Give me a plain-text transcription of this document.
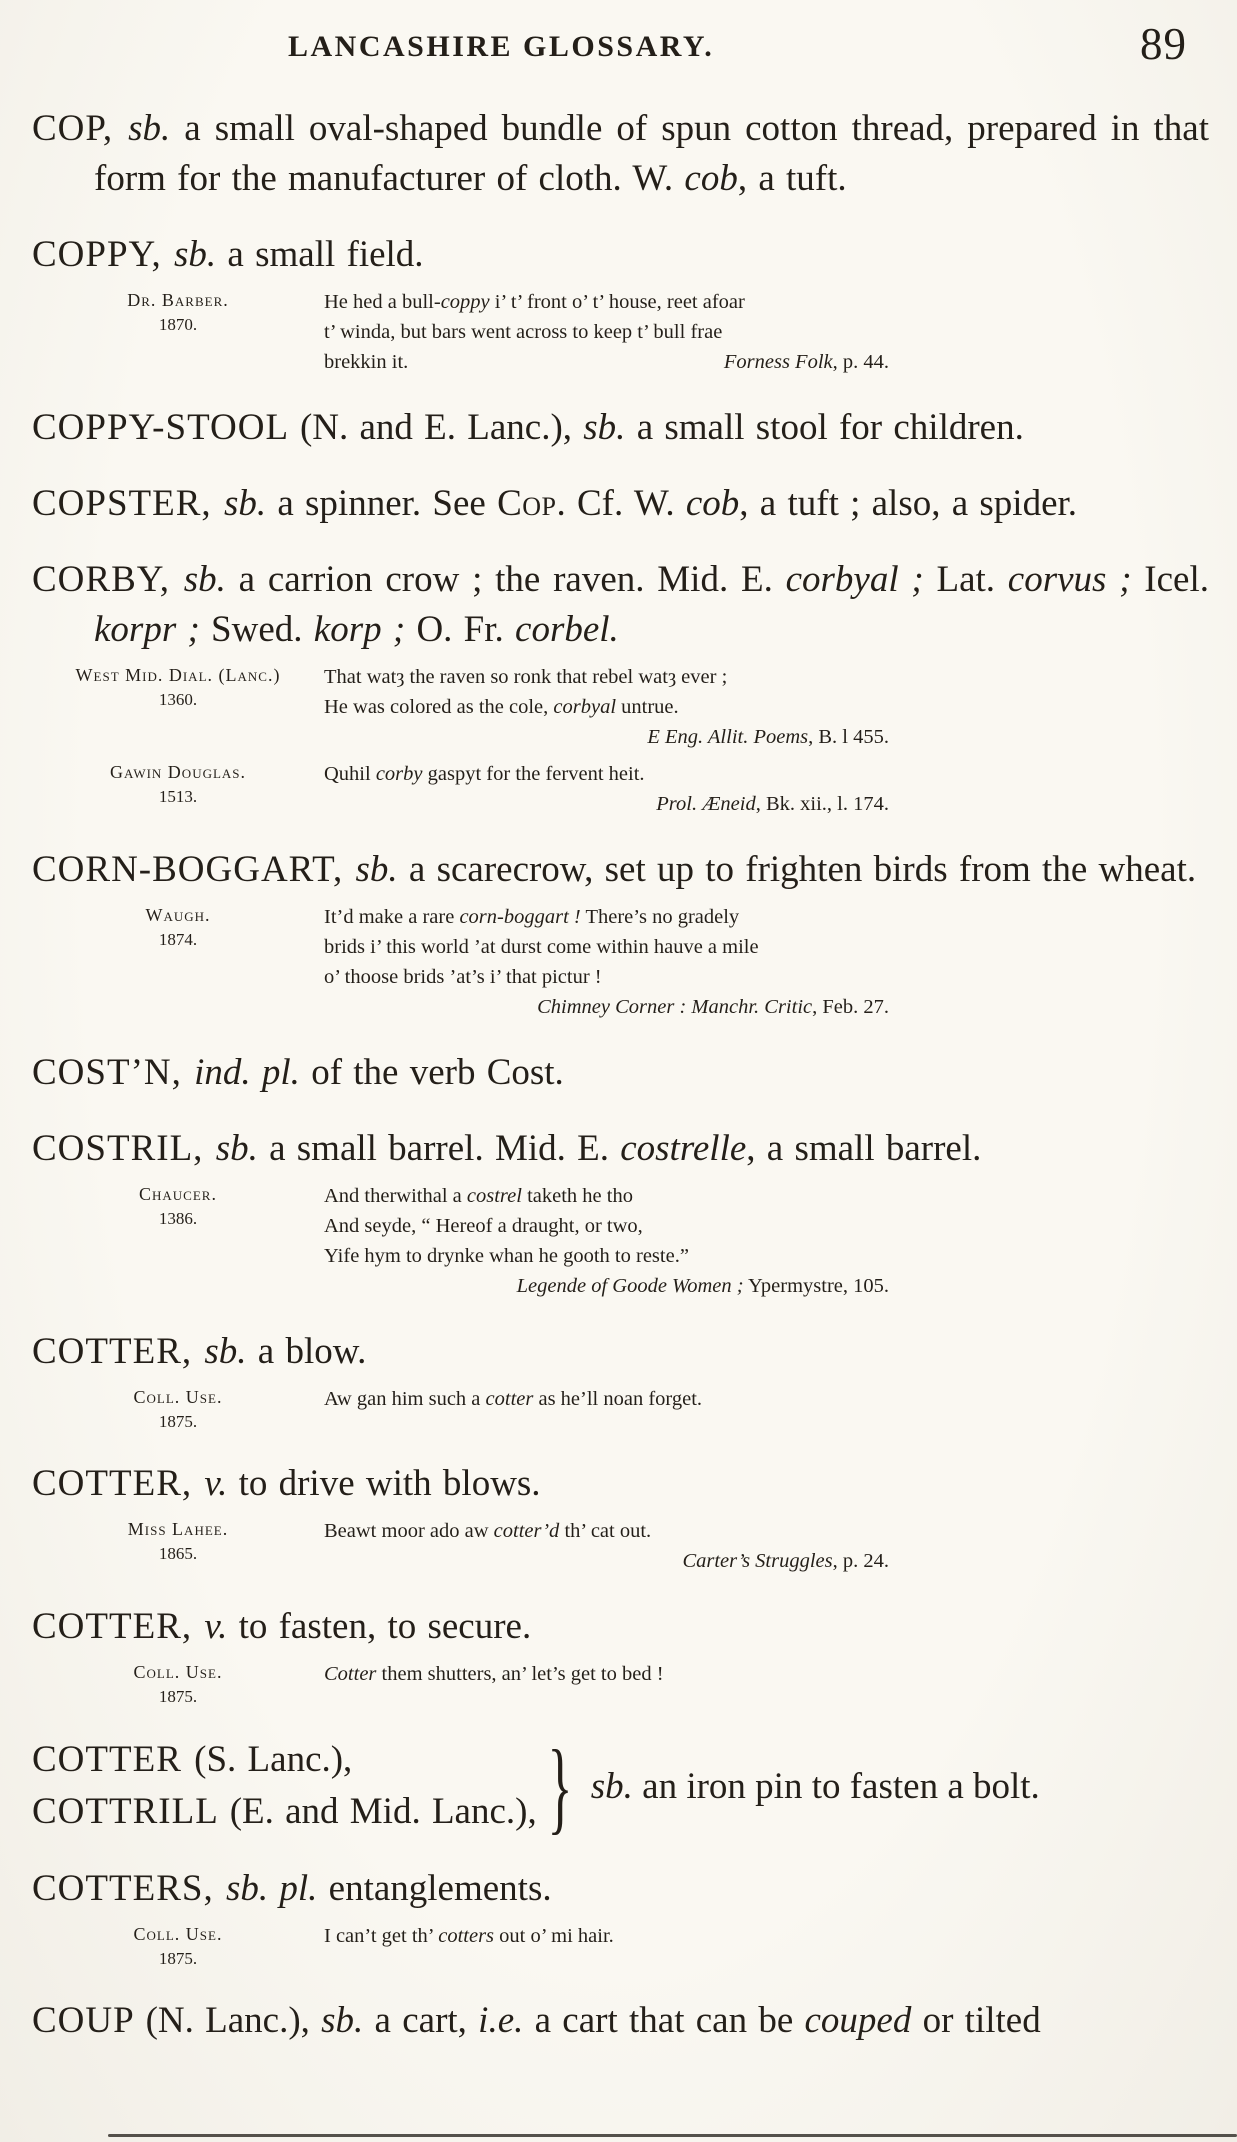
LANCASHIRE GLOSSARY.	89

COP, sb. a small oval-shaped bundle of spun cotton thread, prepared in that form for the manufacturer of cloth. W. cob, a tuft.

COPPY, sb. a small field.

Dr. Barber.
1870.
He hed a bull-coppy i’ t’ front o’ t’ house, reet afoar
t’ winda, but bars went across to keep t’ bull frae
brekkin it.	Forness Folk, p. 44.

COPPY-STOOL (N. and E. Lanc.), sb. a small stool for children.

COPSTER, sb. a spinner. See Cop. Cf. W. cob, a tuft ; also, a spider.

CORBY, sb. a carrion crow ; the raven. Mid. E. corbyal ; Lat. corvus ; Icel. korpr ; Swed. korp ; O. Fr. corbel.

West Mid. Dial. (Lanc.)
1360.
That watȝ the raven so ronk that rebel watȝ ever ;
He was colored as the cole, corbyal untrue.
E Eng. Allit. Poems, B. l 455.
Gawin Douglas.
1513.
Quhil corby gaspyt for the fervent heit.
Prol. Æneid, Bk. xii., l. 174.

CORN-BOGGART, sb. a scarecrow, set up to frighten birds from the wheat.

Waugh.
1874.
It’d make a rare corn-boggart ! There’s no gradely
brids i’ this world ’at durst come within hauve a mile
o’ thoose brids ’at’s i’ that pictur !
Chimney Corner : Manchr. Critic, Feb. 27.

COST’N, ind. pl. of the verb Cost.

COSTRIL, sb. a small barrel. Mid. E. costrelle, a small barrel.

Chaucer.
1386.
And therwithal a costrel taketh he tho
And seyde, “ Hereof a draught, or two,
Yife hym to drynke whan he gooth to reste.”
Legende of Goode Women ; Ypermystre, 105.

COTTER, sb. a blow.

Coll. Use.
1875.
Aw gan him such a cotter as he’ll noan forget.

COTTER, v. to drive with blows.

Miss Lahee.
1865.
Beawt moor ado aw cotter’d th’ cat out.
Carter’s Struggles, p. 24.

COTTER, v. to fasten, to secure.

Coll. Use.
1875.
Cotter them shutters, an’ let’s get to bed !

COTTER (S. Lanc.),

COTTRILL (E. and Mid. Lanc.), } sb. an iron pin to fasten a bolt.

COTTERS, sb. pl. entanglements.

Coll. Use.
1875.
I can’t get th’ cotters out o’ mi hair.

COUP (N. Lanc.), sb. a cart, i.e. a cart that can be couped or tilted
